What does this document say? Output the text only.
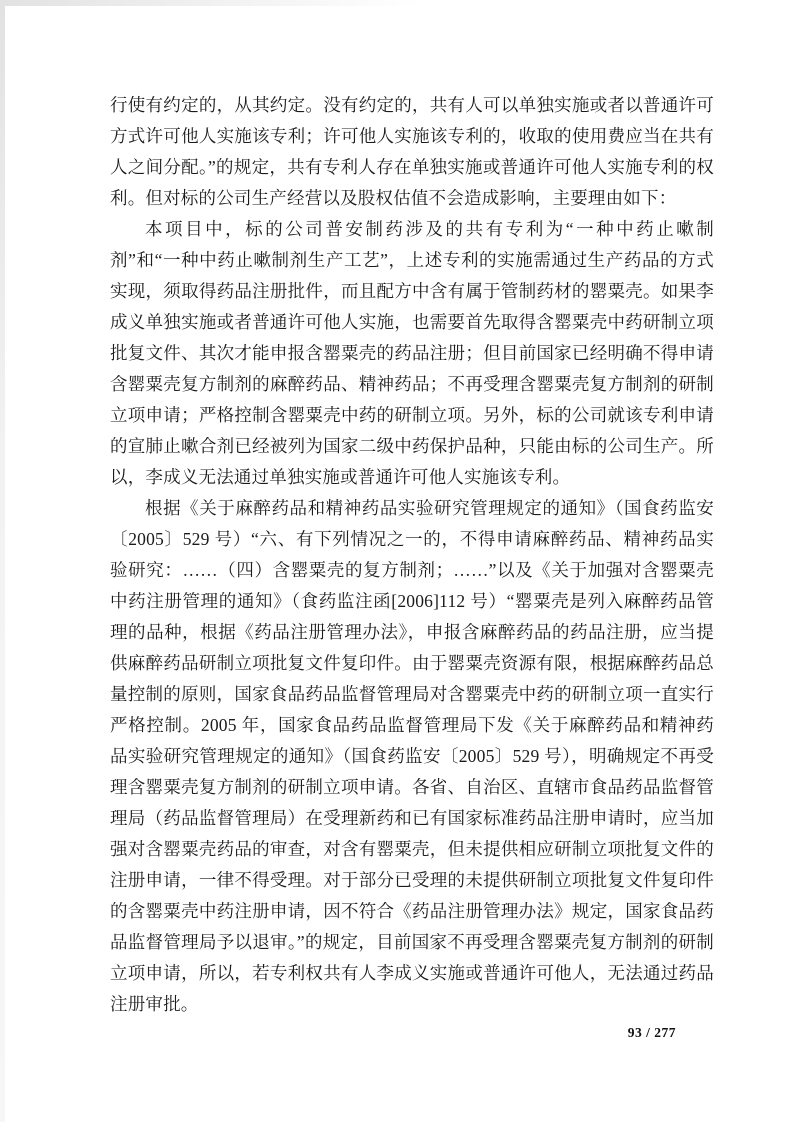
行使有约定的，从其约定。没有约定的，共有人可以单独实施或者以普通许可方式许可他人实施该专利；许可他人实施该专利的，收取的使用费应当在共有人之间分配。”的规定，共有专利人存在单独实施或普通许可他人实施专利的权利。但对标的公司生产经营以及股权估值不会造成影响，主要理由如下：

本项目中，标的公司普安制药涉及的共有专利为“一种中药止嗽制剂”和“一种中药止嗽制剂生产工艺”，上述专利的实施需通过生产药品的方式实现，须取得药品注册批件，而且配方中含有属于管制药材的罂粟壳。如果李成义单独实施或者普通许可他人实施，也需要首先取得含罂粟壳中药研制立项批复文件、其次才能申报含罂粟壳的药品注册；但目前国家已经明确不得申请含罂粟壳复方制剂的麻醉药品、精神药品；不再受理含罂粟壳复方制剂的研制立项申请；严格控制含罂粟壳中药的研制立项。另外，标的公司就该专利申请的宣肺止嗽合剂已经被列为国家二级中药保护品种，只能由标的公司生产。所以，李成义无法通过单独实施或普通许可他人实施该专利。

根据《关于麻醉药品和精神药品实验研究管理规定的通知》（国食药监安〔2005〕529 号）“六、有下列情况之一的，不得申请麻醉药品、精神药品实验研究：……（四）含罂粟壳的复方制剂；……”以及《关于加强对含罂粟壳中药注册管理的通知》（食药监注函[2006]112 号）“罂粟壳是列入麻醉药品管理的品种，根据《药品注册管理办法》，申报含麻醉药品的药品注册，应当提供麻醉药品研制立项批复文件复印件。由于罂粟壳资源有限，根据麻醉药品总量控制的原则，国家食品药品监督管理局对含罂粟壳中药的研制立项一直实行严格控制。2005 年，国家食品药品监督管理局下发《关于麻醉药品和精神药品实验研究管理规定的通知》（国食药监安〔2005〕529 号），明确规定不再受理含罂粟壳复方制剂的研制立项申请。各省、自治区、直辖市食品药品监督管理局（药品监督管理局）在受理新药和已有国家标准药品注册申请时，应当加强对含罂粟壳药品的审查，对含有罂粟壳，但未提供相应研制立项批复文件的注册申请，一律不得受理。对于部分已受理的未提供研制立项批复文件复印件的含罂粟壳中药注册申请，因不符合《药品注册管理办法》规定，国家食品药品监督管理局予以退审。”的规定，目前国家不再受理含罂粟壳复方制剂的研制立项申请，所以，若专利权共有人李成义实施或普通许可他人，无法通过药品注册审批。

93 / 277
